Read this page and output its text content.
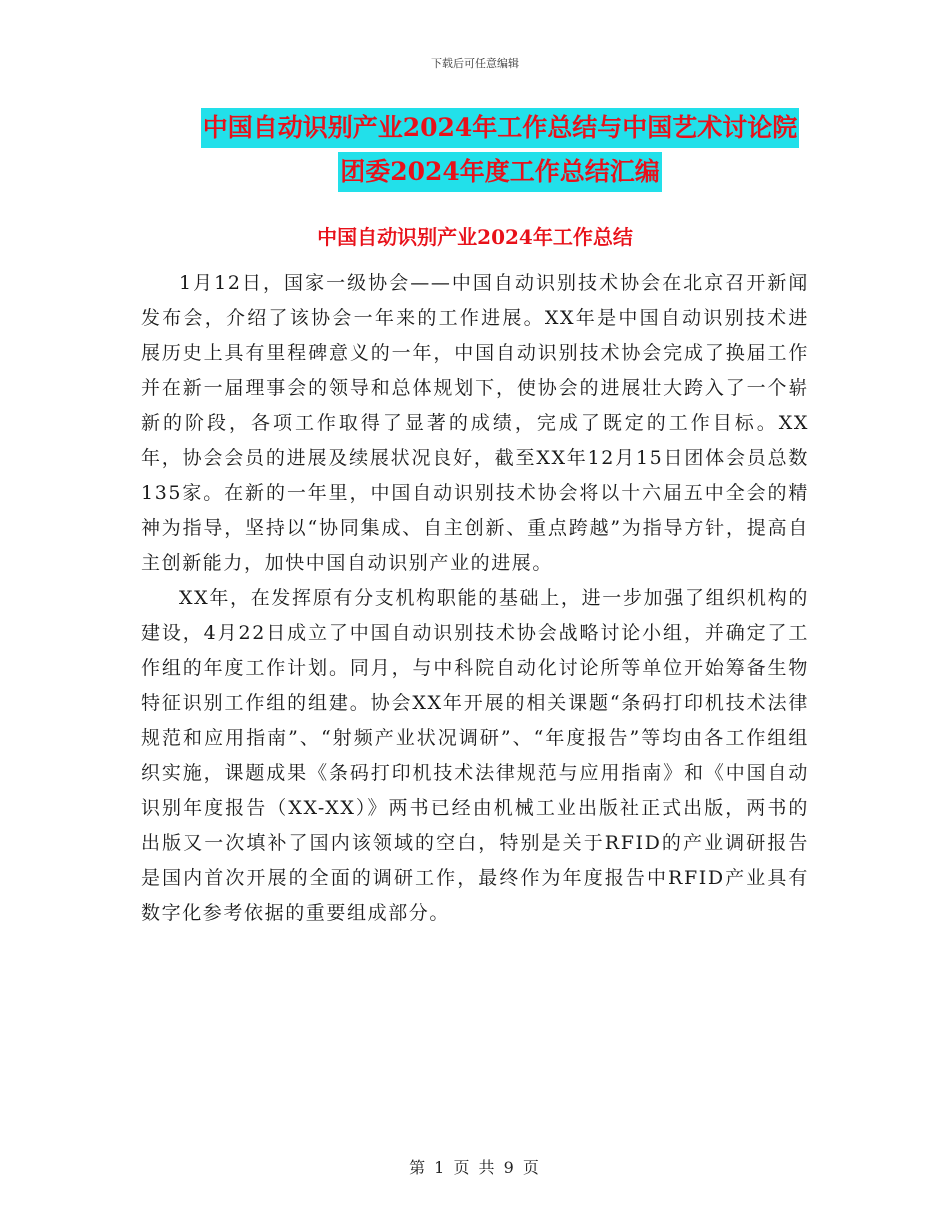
下载后可任意编辑
中国自动识别产业2024年工作总结与中国艺术讨论院
团委2024年度工作总结汇编
中国自动识别产业2024年工作总结

1月12日，国家一级协会——中国自动识别技术协会在北京召开新闻发布会，介绍了该协会一年来的工作进展。XX年是中国自动识别技术进展历史上具有里程碑意义的一年，中国自动识别技术协会完成了换届工作并在新一届理事会的领导和总体规划下，使协会的进展壮大跨入了一个崭新的阶段，各项工作取得了显著的成绩，完成了既定的工作目标。XX年，协会会员的进展及续展状况良好，截至XX年12月15日团体会员总数135家。在新的一年里，中国自动识别技术协会将以十六届五中全会的精神为指导，坚持以“协同集成、自主创新、重点跨越”为指导方针，提高自主创新能力，加快中国自动识别产业的进展。

XX年，在发挥原有分支机构职能的基础上，进一步加强了组织机构的建设，4月22日成立了中国自动识别技术协会战略讨论小组，并确定了工作组的年度工作计划。同月，与中科院自动化讨论所等单位开始筹备生物特征识别工作组的组建。协会XX年开展的相关课题“条码打印机技术法律规范和应用指南”、“射频产业状况调研”、“年度报告”等均由各工作组组织实施，课题成果《条码打印机技术法律规范与应用指南》和《中国自动识别年度报告（XX-XX）》两书已经由机械工业出版社正式出版，两书的出版又一次填补了国内该领域的空白，特别是关于RFID的产业调研报告是国内首次开展的全面的调研工作，最终作为年度报告中RFID产业具有数字化参考依据的重要组成部分。

第 1 页 共 9 页
